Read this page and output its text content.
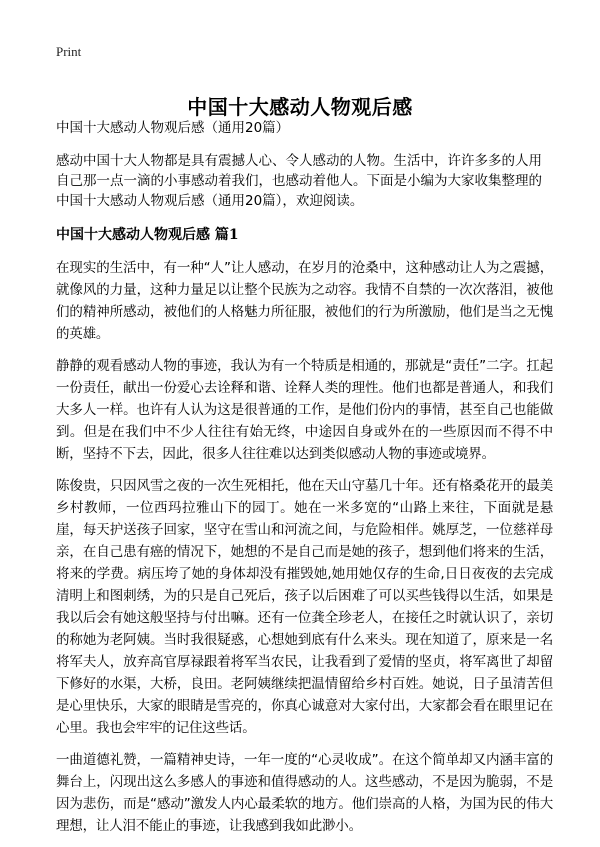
Print
中国十大感动人物观后感

中国十大感动人物观后感（通用20篇）

感动中国十大人物都是具有震撼人心、令人感动的人物。生活中，许许多多的人用自己那一点一滴的小事感动着我们，也感动着他人。下面是小编为大家收集整理的中国十大感动人物观后感（通用20篇），欢迎阅读。

中国十大感动人物观后感 篇1

在现实的生活中，有一种“人”让人感动，在岁月的沧桑中，这种感动让人为之震撼，就像风的力量，这种力量足以让整个民族为之动容。我情不自禁的一次次落泪，被他们的精神所感动，被他们的人格魅力所征服，被他们的行为所激励，他们是当之无愧的英雄。

静静的观看感动人物的事迹，我认为有一个特质是相通的，那就是“责任”二字。扛起一份责任，献出一份爱心去诠释和谐、诠释人类的理性。他们也都是普通人，和我们大多人一样。也许有人认为这是很普通的工作，是他们份内的事情，甚至自己也能做到。但是在我们中不少人往往有始无终，中途因自身或外在的一些原因而不得不中断，坚持不下去，因此，很多人往往难以达到类似感动人物的事迹或境界。

陈俊贵，只因风雪之夜的一次生死相托，他在天山守墓几十年。还有格桑花开的最美乡村教师，一位西玛拉雅山下的园丁。她在一米多宽的“山路上来往，下面就是悬崖，每天护送孩子回家，坚守在雪山和河流之间，与危险相伴。姚厚芝，一位慈祥母亲，在自己患有癌的情况下，她想的不是自己而是她的孩子，想到他们将来的生活，将来的学费。病压垮了她的身体却没有摧毁她,她用她仅存的生命,日日夜夜的去完成清明上和图刺绣，为的只是自己死后，孩子以后困难了可以买些钱得以生活，如果是我以后会有她这般坚持与付出嘛。还有一位龚全珍老人，在接任之时就认识了，亲切的称她为老阿姨。当时我很疑惑，心想她到底有什么来头。现在知道了，原来是一名将军夫人，放弃高官厚禄跟着将军当农民，让我看到了爱情的坚贞，将军离世了却留下修好的水渠，大桥，良田。老阿姨继续把温情留给乡村百姓。她说，日子虽清苦但是心里快乐，大家的眼睛是雪亮的，你真心诚意对大家付出，大家都会看在眼里记在心里。我也会牢牢的记住这些话。

一曲道德礼赞，一篇精神史诗，一年一度的“心灵收成”。在这个简单却又内涵丰富的舞台上，闪现出这么多感人的事迹和值得感动的人。这些感动，不是因为脆弱，不是因为悲伤，而是“感动”激发人内心最柔软的地方。他们崇高的人格，为国为民的伟大理想，让人泪不能止的事迹，让我感到我如此渺小。
